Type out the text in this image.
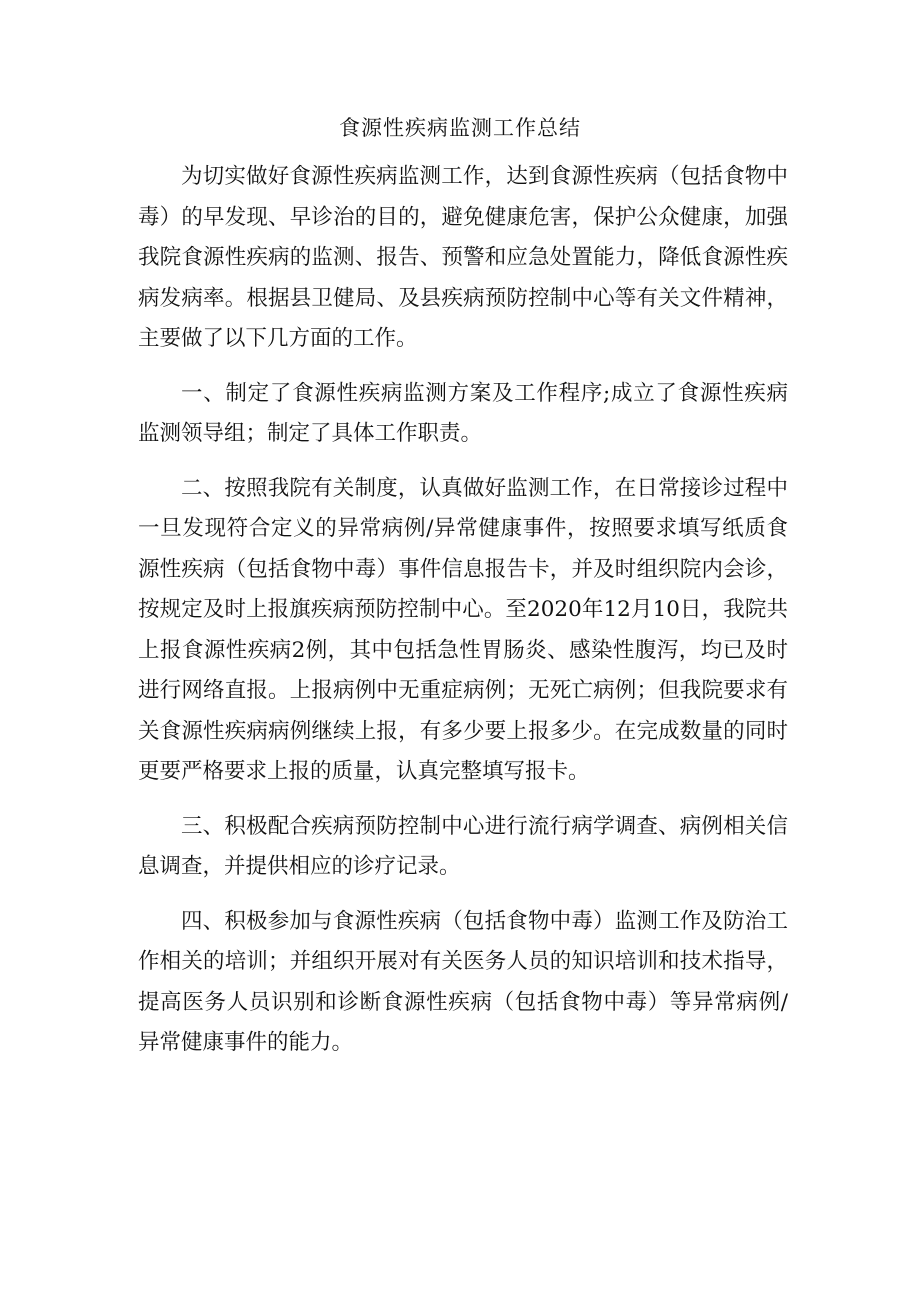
食源性疾病监测工作总结

为切实做好食源性疾病监测工作，达到食源性疾病（包括食物中毒）的早发现、早诊治的目的，避免健康危害，保护公众健康，加强我院食源性疾病的监测、报告、预警和应急处置能力，降低食源性疾病发病率。根据县卫健局、及县疾病预防控制中心等有关文件精神，主要做了以下几方面的工作。

一、制定了食源性疾病监测方案及工作程序;成立了食源性疾病监测领导组；制定了具体工作职责。

二、按照我院有关制度，认真做好监测工作，在日常接诊过程中一旦发现符合定义的异常病例/异常健康事件，按照要求填写纸质食源性疾病（包括食物中毒）事件信息报告卡，并及时组织院内会诊，按规定及时上报旗疾病预防控制中心。至2020年12月10日，我院共上报食源性疾病2例，其中包括急性胃肠炎、感染性腹泻，均已及时进行网络直报。上报病例中无重症病例；无死亡病例；但我院要求有关食源性疾病病例继续上报，有多少要上报多少。在完成数量的同时更要严格要求上报的质量，认真完整填写报卡。

三、积极配合疾病预防控制中心进行流行病学调查、病例相关信息调查，并提供相应的诊疗记录。

四、积极参加与食源性疾病（包括食物中毒）监测工作及防治工作相关的培训；并组织开展对有关医务人员的知识培训和技术指导，提高医务人员识别和诊断食源性疾病（包括食物中毒）等异常病例/异常健康事件的能力。
